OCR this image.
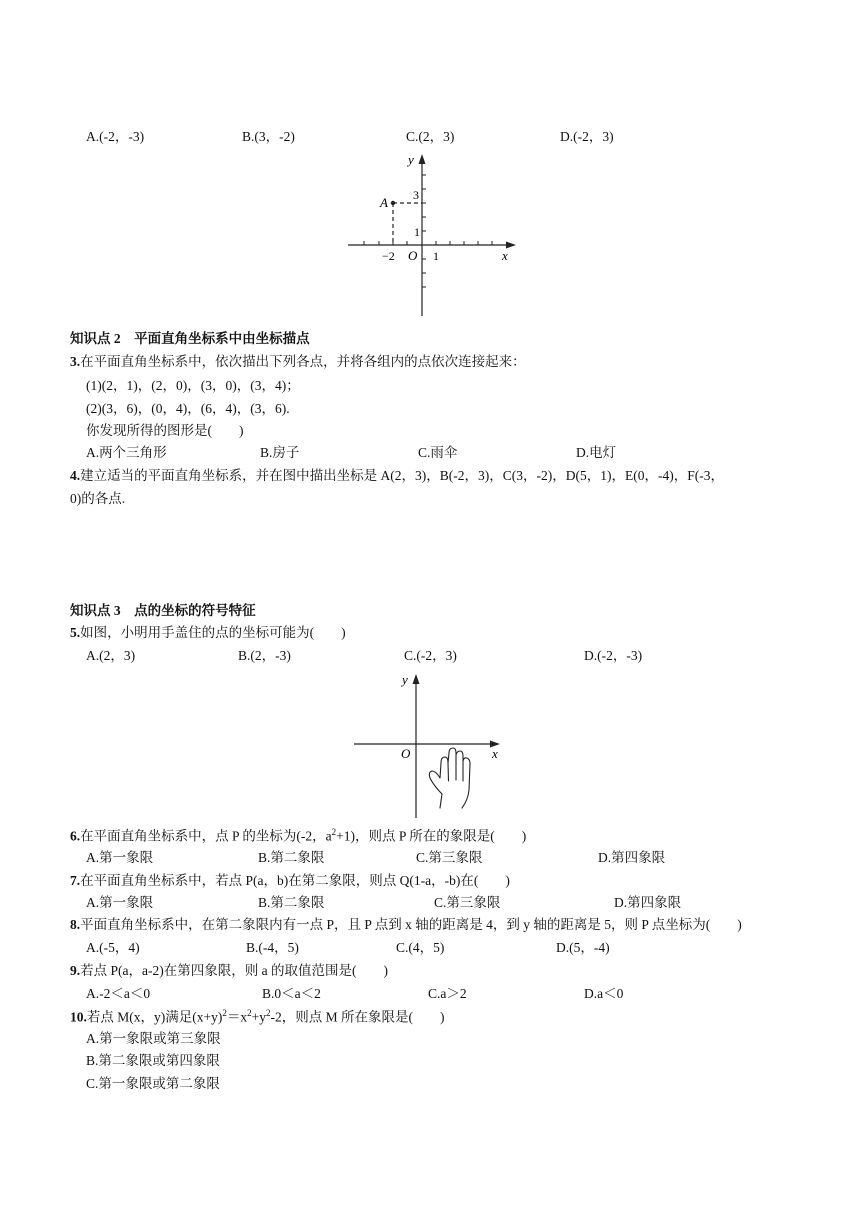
A.(-2，-3)	B.(3，-2)	C.(2，3)	D.(-2，3)
A
y
x
O
−2	1
3
1
知识点 2　平面直角坐标系中由坐标描点
3.在平面直角坐标系中，依次描出下列各点，并将各组内的点依次连接起来：
(1)(2，1)，(2，0)，(3，0)，(3，4)；
(2)(3，6)，(0，4)，(6，4)，(3，6).
你发现所得的图形是(　　)
A.两个三角形	B.房子	C.雨伞	D.电灯
4.建立适当的平面直角坐标系，并在图中描出坐标是 A(2，3)，B(-2，3)，C(3，-2)，D(5，1)，E(0，-4)，F(-3，
0)的各点.
知识点 3　点的坐标的符号特征
5.如图，小明用手盖住的点的坐标可能为(　　)
A.(2，3)	B.(2，-3)	C.(-2，3)	D.(-2，-3)
y
x
O
6.在平面直角坐标系中，点 P 的坐标为(-2，$a^2+1$)，则点 P 所在的象限是(　　)
A.第一象限	B.第二象限	C.第三象限	D.第四象限
7.在平面直角坐标系中，若点 P(a，b)在第二象限，则点 Q(1-a，-b)在(　　)
A.第一象限	B.第二象限	C.第三象限	D.第四象限
8.平面直角坐标系中，在第二象限内有一点 P，且 P 点到 x 轴的距离是 4，到 y 轴的距离是 5，则 P 点坐标为(　　)
A.(-5，4)	B.(-4，5)	C.(4，5)	D.(5，-4)
9.若点 P(a，a-2)在第四象限，则 a 的取值范围是(　　)
A.-2＜a＜0	B.0＜a＜2	C.a＞2	D.a＜0
10.若点 M(x，y)满足$(x+y)^2=x^2+y^2-2$，则点 M 所在象限是(　　)
A.第一象限或第三象限
B.第二象限或第四象限
C.第一象限或第二象限
